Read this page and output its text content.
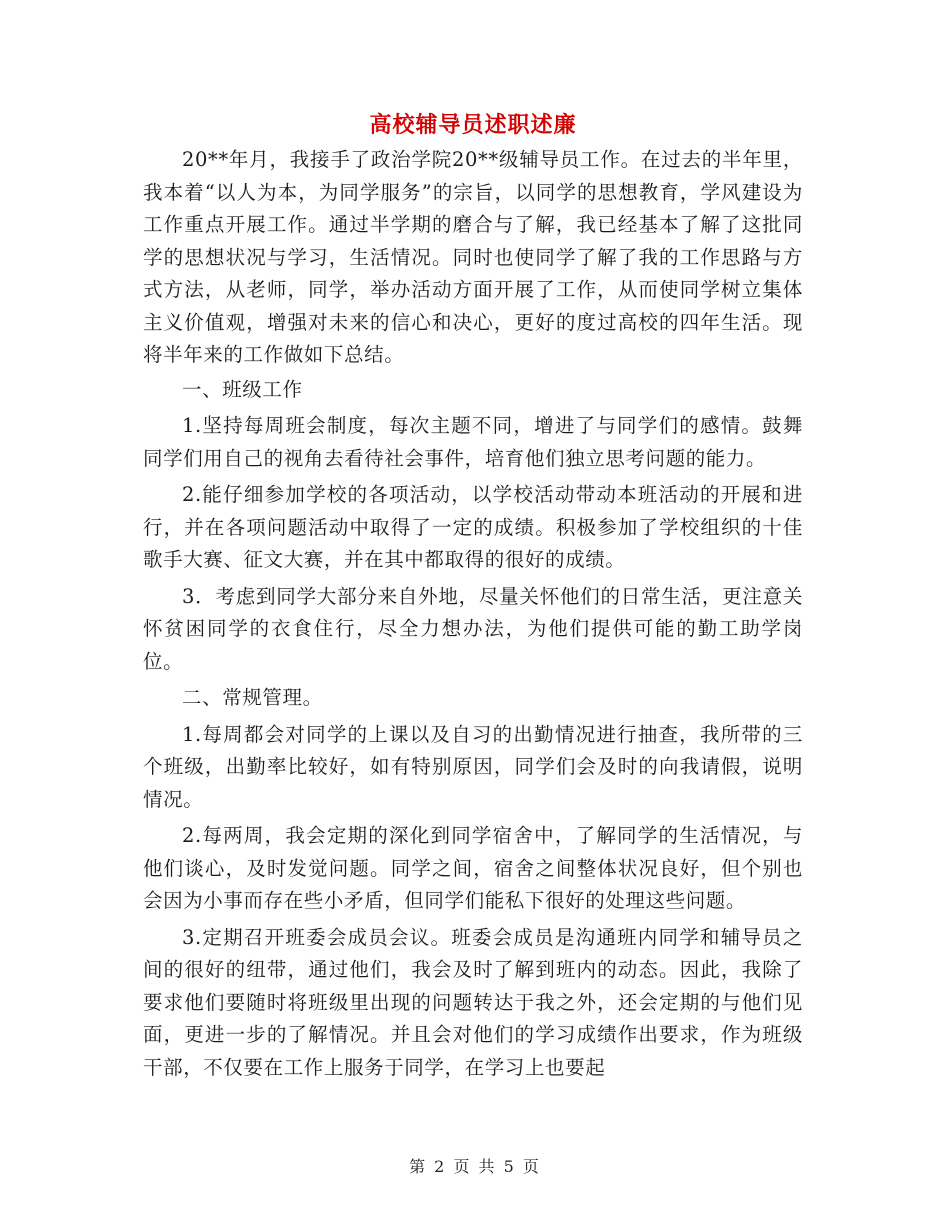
高校辅导员述职述廉

20**年月，我接手了政治学院20**级辅导员工作。在过去的半年里，我本着“以人为本，为同学服务”的宗旨，以同学的思想教育，学风建设为工作重点开展工作。通过半学期的磨合与了解，我已经基本了解了这批同学的思想状况与学习，生活情况。同时也使同学了解了我的工作思路与方式方法，从老师，同学，举办活动方面开展了工作，从而使同学树立集体主义价值观，增强对未来的信心和决心，更好的度过高校的四年生活。现将半年来的工作做如下总结。

一、班级工作

1.坚持每周班会制度，每次主题不同，增进了与同学们的感情。鼓舞同学们用自己的视角去看待社会事件，培育他们独立思考问题的能力。

2.能仔细参加学校的各项活动，以学校活动带动本班活动的开展和进行，并在各项问题活动中取得了一定的成绩。积极参加了学校组织的十佳歌手大赛、征文大赛，并在其中都取得的很好的成绩。

3．考虑到同学大部分来自外地，尽量关怀他们的日常生活，更注意关怀贫困同学的衣食住行，尽全力想办法，为他们提供可能的勤工助学岗位。

二、常规管理。

1.每周都会对同学的上课以及自习的出勤情况进行抽查，我所带的三个班级，出勤率比较好，如有特别原因，同学们会及时的向我请假，说明情况。

2.每两周，我会定期的深化到同学宿舍中，了解同学的生活情况，与他们谈心，及时发觉问题。同学之间，宿舍之间整体状况良好，但个别也会因为小事而存在些小矛盾，但同学们能私下很好的处理这些问题。

3.定期召开班委会成员会议。班委会成员是沟通班内同学和辅导员之间的很好的纽带，通过他们，我会及时了解到班内的动态。因此，我除了要求他们要随时将班级里出现的问题转达于我之外，还会定期的与他们见面，更进一步的了解情况。并且会对他们的学习成绩作出要求，作为班级干部，不仅要在工作上服务于同学，在学习上也要起

第 2 页 共 5 页
